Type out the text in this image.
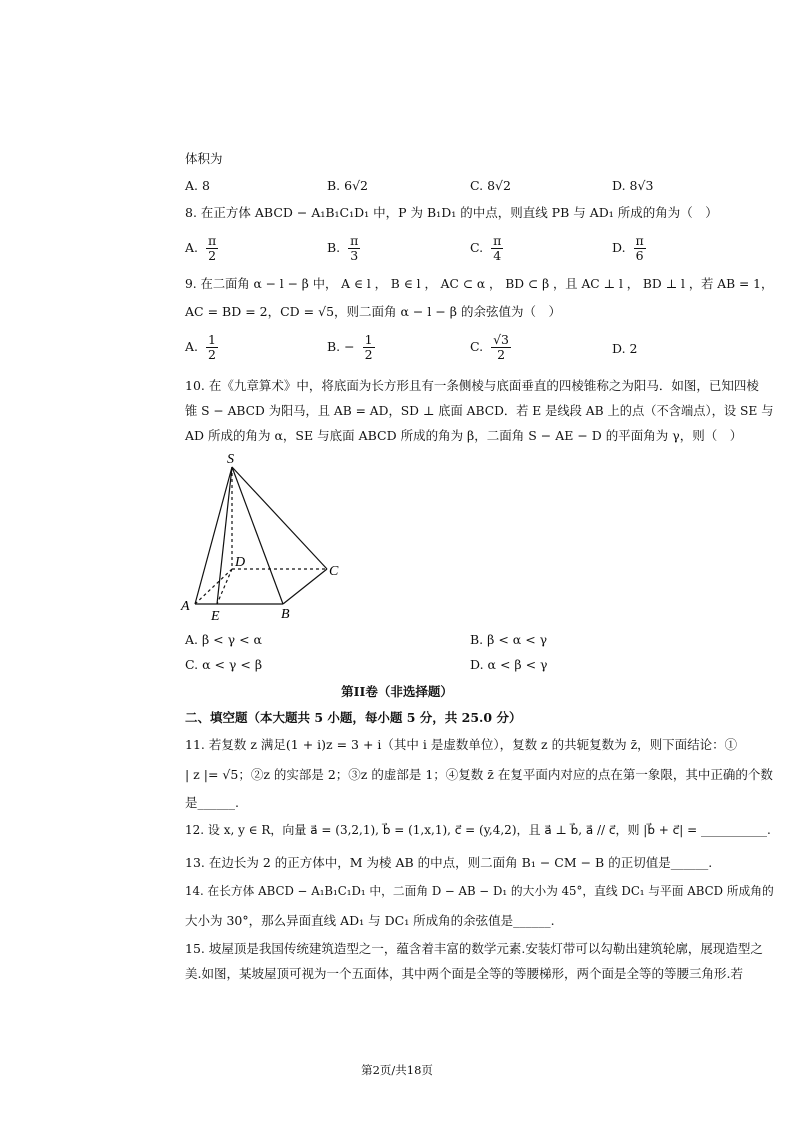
体积为
A. 8	B. 6√2	C. 8√2	D. 8√3
8. 在正方体 ABCD − A₁B₁C₁D₁ 中，P 为 B₁D₁ 的中点，则直线 PB 与 AD₁ 所成的角为（　）
A. $\frac{\pi}{2}$	B. $\frac{\pi}{3}$	C. $\frac{\pi}{4}$	D. $\frac{\pi}{6}$
9. 在二面角 α − l − β 中， A ∈ l ， B ∈ l ， AC ⊂ α ， BD ⊂ β ，且 AC ⊥ l ， BD ⊥ l ，若 AB = 1，
AC = BD = 2，CD = √5，则二面角 α − l − β 的余弦值为（　）
A. $\frac{1}{2}$	B. − $\frac{1}{2}$	C. $\frac{√3}{2}$	D. 2
10. 在《九章算术》中，将底面为长方形且有一条侧棱与底面垂直的四棱锥称之为阳马．如图，已知四棱
锥 S − ABCD 为阳马，且 AB = AD，SD ⊥ 底面 ABCD．若 E 是线段 AB 上的点（不含端点），设 SE 与
AD 所成的角为 α，SE 与底面 ABCD 所成的角为 β，二面角 S − AE − D 的平面角为 γ，则（　）
S
D
C
A
E	B
A. β < γ < α	B. β < α < γ
C. α < γ < β	D. α < β < γ
第II卷（非选择题）
二、填空题（本大题共 5 小题，每小题 5 分，共 25.0 分）
11. 若复数 z 满足(1 + i)z = 3 + i（其中 i 是虚数单位），复数 z 的共轭复数为 z̄，则下面结论：①
| z |= √5；②z 的实部是 2；③z 的虚部是 1；④复数 z̄ 在复平面内对应的点在第一象限，其中正确的个数
是______.
12. 设 x, y ∈ R，向量 a⃗ = (3,2,1), b⃗ = (1,x,1), c⃗ = (y,4,2)，且 a⃗ ⊥ b⃗, a⃗ // c⃗，则 |b⃗ + c⃗| = ___________.
13. 在边长为 2 的正方体中，M 为棱 AB 的中点，则二面角 B₁ − CM − B 的正切值是______.
14. 在长方体 ABCD − A₁B₁C₁D₁ 中，二面角 D − AB − D₁ 的大小为 45°，直线 DC₁ 与平面 ABCD 所成角的
大小为 30°，那么异面直线 AD₁ 与 DC₁ 所成角的余弦值是______.
15. 坡屋顶是我国传统建筑造型之一，蕴含着丰富的数学元素.安装灯带可以勾勒出建筑轮廓，展现造型之
美.如图，某坡屋顶可视为一个五面体，其中两个面是全等的等腰梯形，两个面是全等的等腰三角形.若
第2页/共18页
